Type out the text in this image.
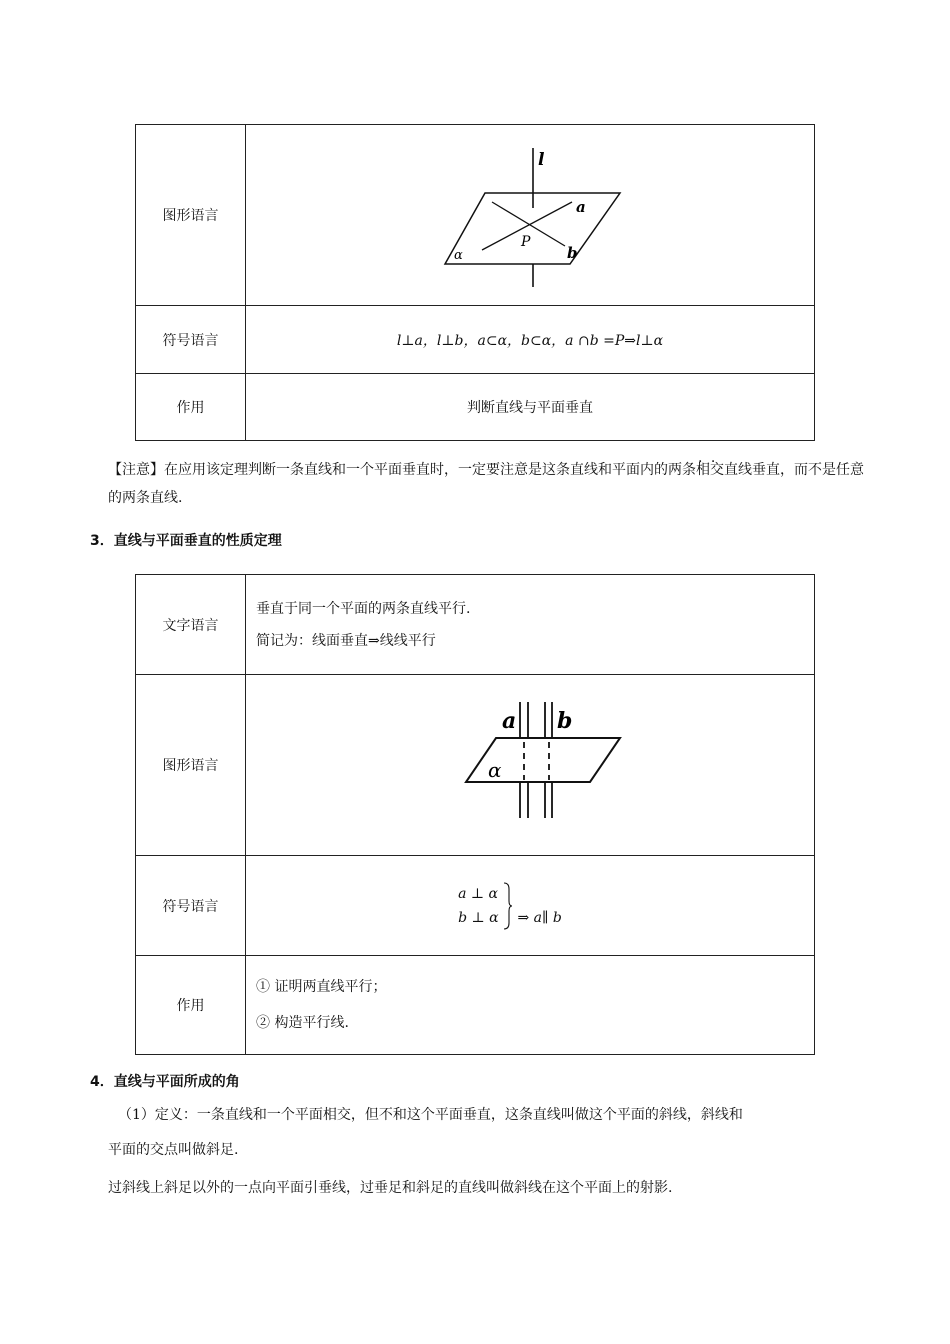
图形语言	l
a
b
P
α

符号语言	l⊥a，l⊥b，a⊂α，b⊂α，a ∩b =P⇒l⊥α
作用	判断直线与平面垂直
【注意】在应用该定理判断一条直线和一个平面垂直时，一定要注意是这条直线和平面内的两条相交 · ·直线垂直，而不是任意的两条直线.
3．直线与平面垂直的性质定理
文字语言	垂直于同一个平面的两条直线平行.
简记为：线面垂直⇒线线平行

图形语言	a b
α

符号语言	a ⊥ α
b ⊥ α ⇒ a∥ b
作用	① 证明两直线平行；
② 构造平行线.
4．直线与平面所成的角
（1）定义：一条直线和一个平面相交，但不和这个平面垂直，这条直线叫做这个平面的斜线，斜线和
平面的交点叫做斜足.
过斜线上斜足以外的一点向平面引垂线，过垂足和斜足的直线叫做斜线在这个平面上的射影.
